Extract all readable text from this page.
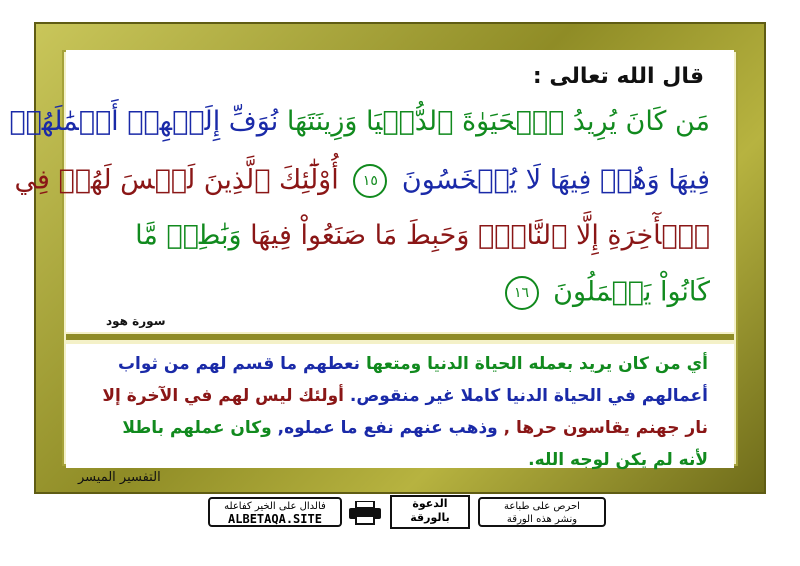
قال الله تعالى :
مَن كَانَ يُرِيدُ ٱلۡحَيَوٰةَ ٱلدُّنۡيَا وَزِينَتَهَا نُوَفِّ إِلَيۡهِمۡ أَعۡمَٰلَهُمۡ
فِيهَا وَهُمۡ فِيهَا لَا يُبۡخَسُونَ ١٥ أُوْلَٰٓئِكَ ٱلَّذِينَ لَيۡسَ لَهُمۡ فِي
ٱلۡأٓخِرَةِ إِلَّا ٱلنَّارُۖ وَحَبِطَ مَا صَنَعُواْ فِيهَا وَبَٰطِلٞ مَّا
كَانُواْ يَعۡمَلُونَ ١٦
سورة هود
أي من كان يريد بعمله الحياة الدنيا ومتعها نعطهم ما قسم لهم من ثواب
أعمالهم في الحياة الدنيا كاملا غير منقوص. أولئك ليس لهم في الآخرة إلا
نار جهنم يقاسون حرها , وذهب عنهم نفع ما عملوه, وكان عملهم باطلا
لأنه لم يكن لوجه الله.
التفسير الميسر
فالدال على الخير كفاعله
ALBETAQA.SITE
الدعوة
بالورقة
احرص على طباعة
ونشر هذه الورقة
